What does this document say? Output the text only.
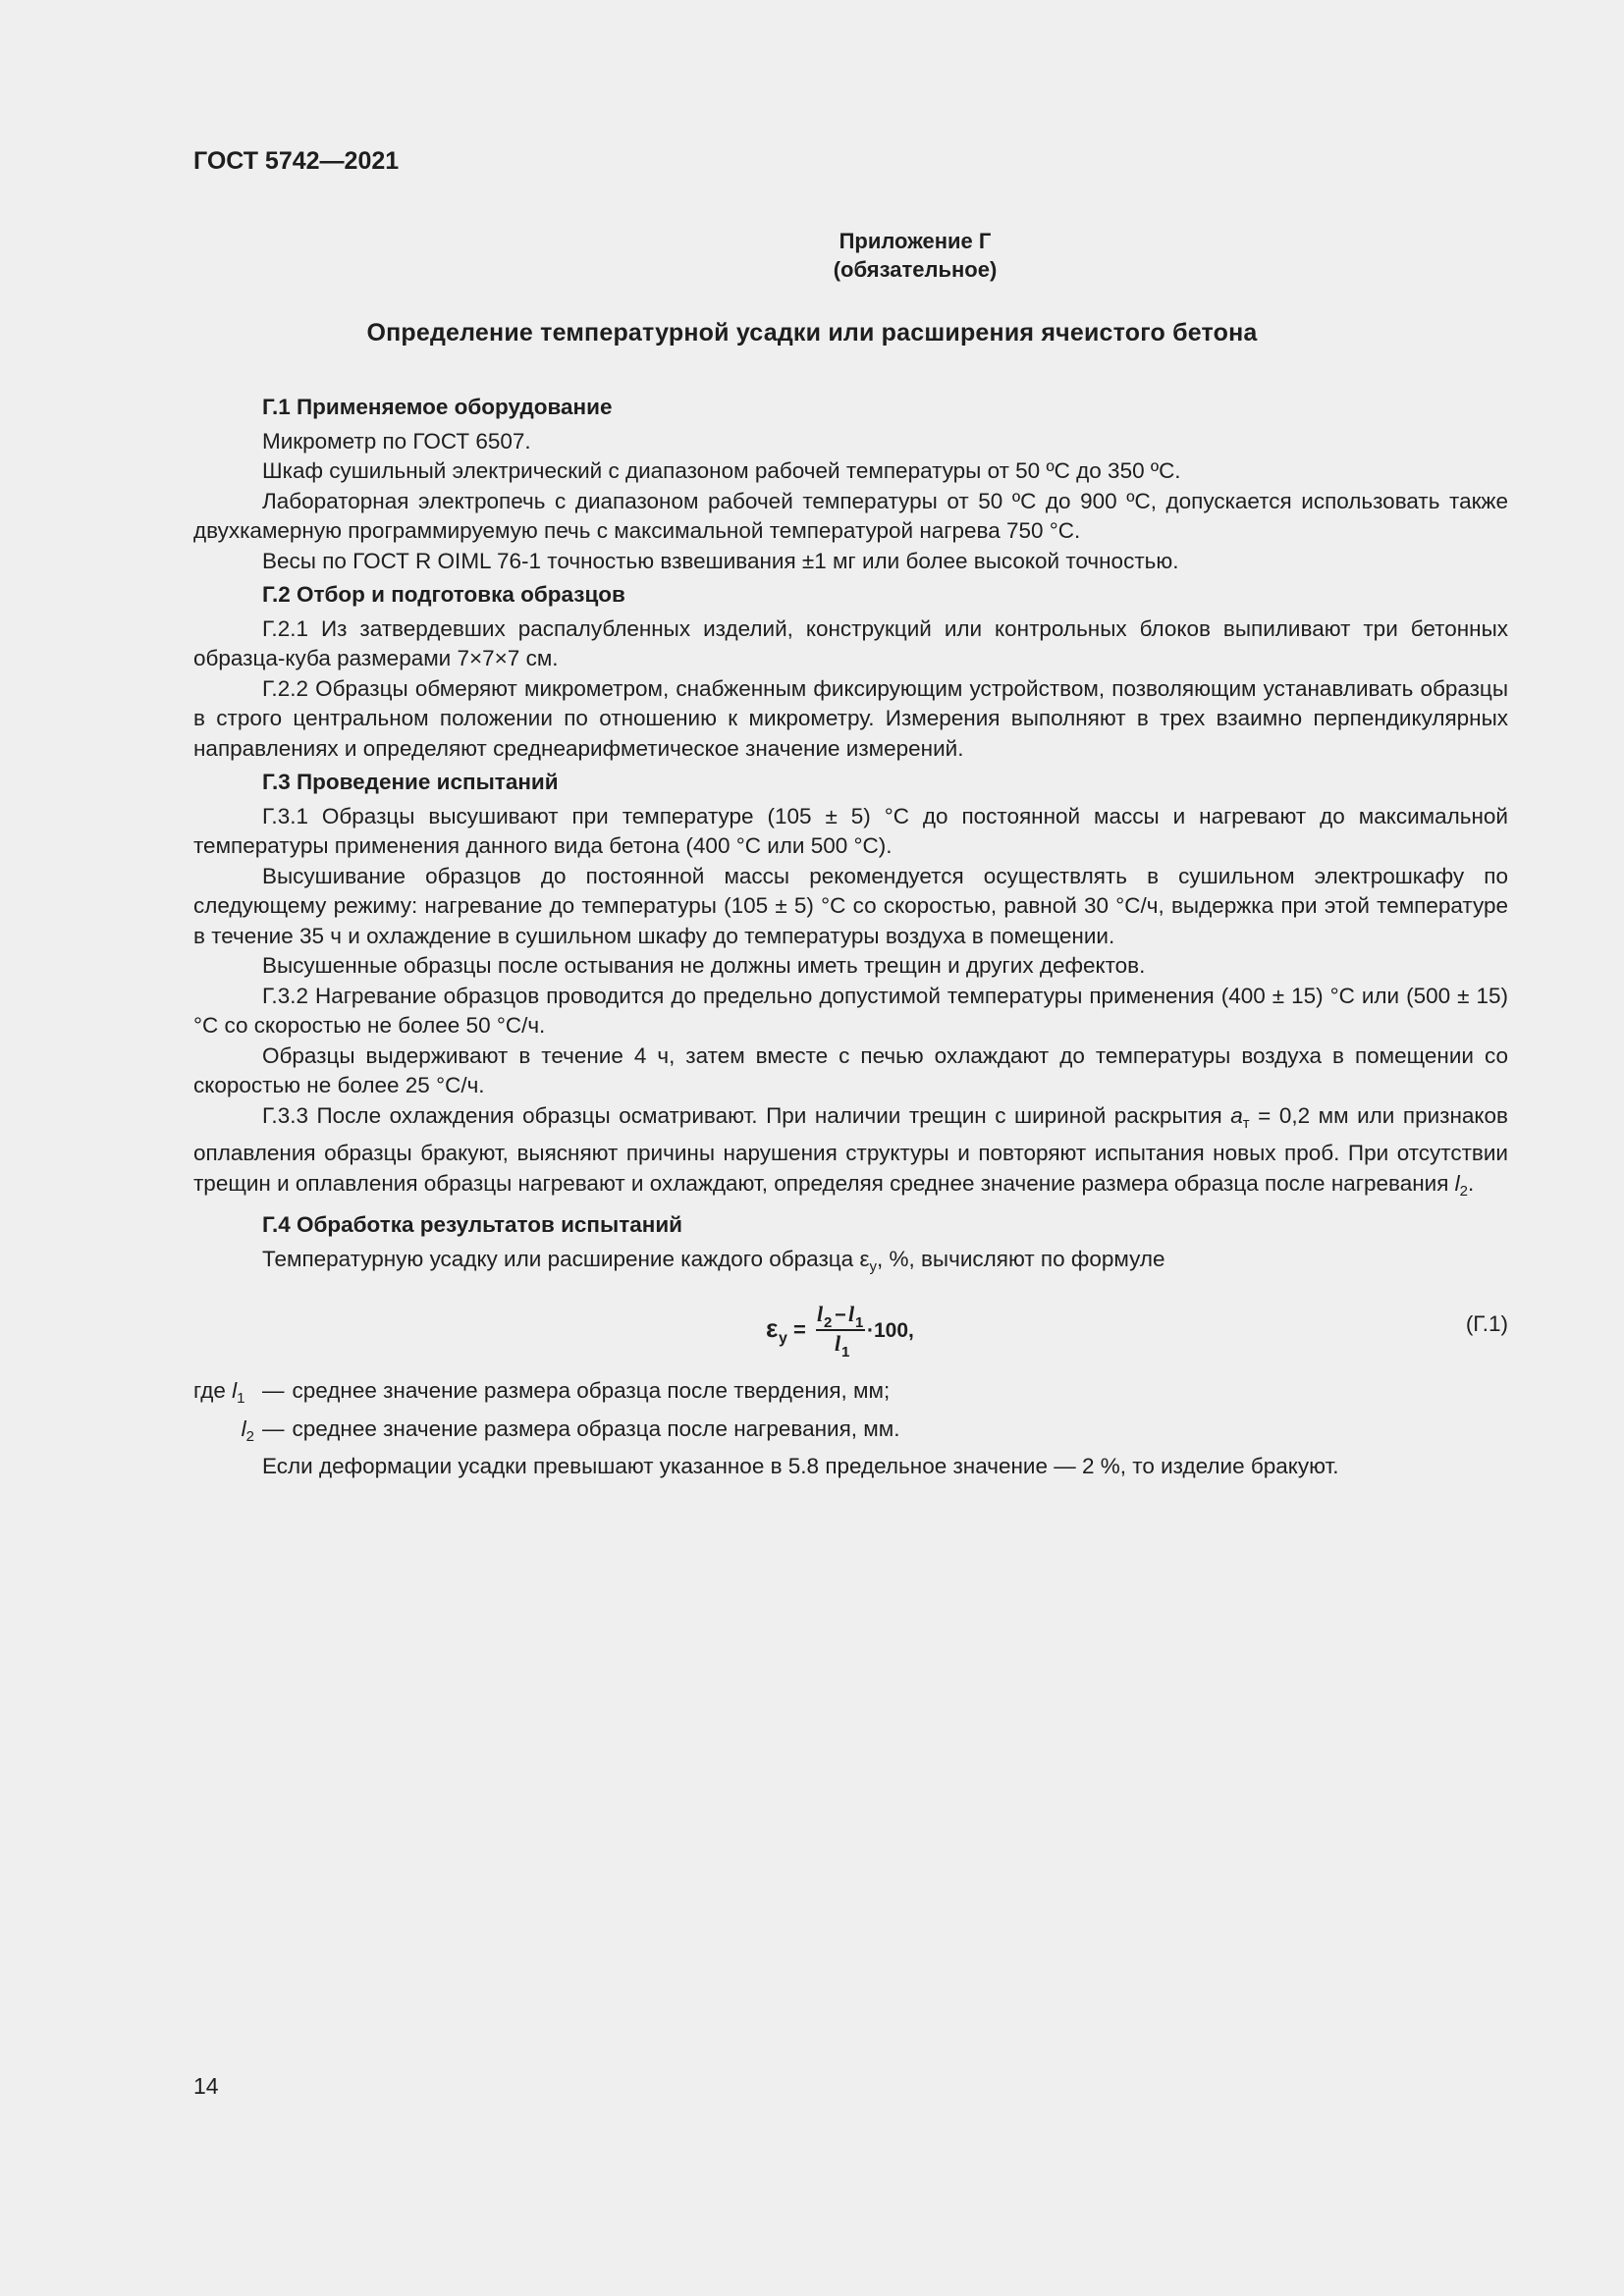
ГОСТ 5742—2021
Приложение Г
(обязательное)
Определение температурной усадки или расширения ячеистого бетона

Г.1 Применяемое оборудование

Микрометр по ГОСТ 6507.

Шкаф сушильный электрический с диапазоном рабочей температуры от 50 ºС до 350 ºС.

Лабораторная электропечь с диапазоном рабочей температуры от 50 ºС до 900 ºС, допускается использовать также двухкамерную программируемую печь с максимальной температурой нагрева 750 °С.

Весы по ГОСТ R OIML 76-1 точностью взвешивания ±1 мг или более высокой точностью.

Г.2 Отбор и подготовка образцов

Г.2.1 Из затвердевших распалубленных изделий, конструкций или контрольных блоков выпиливают три бетонных образца-куба размерами 7×7×7 см.

Г.2.2 Образцы обмеряют микрометром, снабженным фиксирующим устройством, позволяющим устанавливать образцы в строго центральном положении по отношению к микрометру. Измерения выполняют в трех взаимно перпендикулярных направлениях и определяют среднеарифметическое значение измерений.

Г.3 Проведение испытаний

Г.3.1 Образцы высушивают при температуре (105 ± 5) °С до постоянной массы и нагревают до максимальной температуры применения данного вида бетона (400 °С или 500 °С).

Высушивание образцов до постоянной массы рекомендуется осуществлять в сушильном электрошкафу по следующему режиму: нагревание до температуры (105 ± 5) °С со скоростью, равной 30 °С/ч, выдержка при этой температуре в течение 35 ч и охлаждение в сушильном шкафу до температуры воздуха в помещении.

Высушенные образцы после остывания не должны иметь трещин и других дефектов.

Г.3.2 Нагревание образцов проводится до предельно допустимой температуры применения (400 ± 15) °С или (500 ± 15) °С со скоростью не более 50 °С/ч.

Образцы выдерживают в течение 4 ч, затем вместе с печью охлаждают до температуры воздуха в помещении со скоростью не более 25 °С/ч.

Г.3.3 После охлаждения образцы осматривают. При наличии трещин с шириной раскрытия $а_т = 0,2$ мм или признаков оплавления образцы бракуют, выясняют причины нарушения структуры и повторяют испытания новых проб. При отсутствии трещин и оплавления образцы нагревают и охлаждают, определяя среднее значение размера образца после нагревания $l_2$.

Г.4 Обработка результатов испытаний

Температурную усадку или расширение каждого образца $\varepsilon_у$, %, вычисляют по формуле

ε у =
l 2 − l 1
l 1
·100,	(Г.1)
где $l_1$ — среднее значение размера образца после твердения, мм;
$l_2$ — среднее значение размера образца после нагревания, мм.

Если деформации усадки превышают указанное в 5.8 предельное значение — 2 %, то изделие бракуют.

14
